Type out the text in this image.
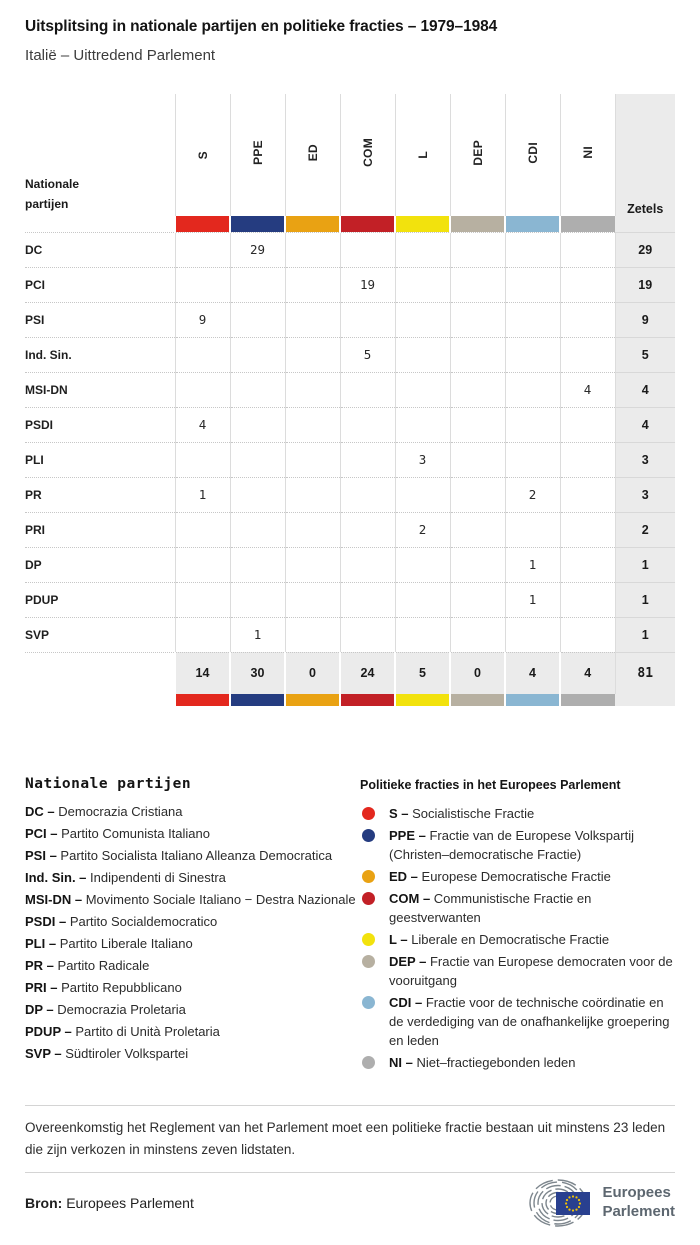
Uitsplitsing in nationale partijen en politieke fracties – 1979–1984
Italië – Uittredend Parlement
Nationale partijen	S	PPE	ED	COM	L	DEP	CDI	NI	Zetels

DC		29							29
PCI				19					19
PSI	9								9
Ind. Sin.				5					5
MSI-DN								4	4
PSDI	4								4
PLI					3				3
PR	1						2		3
PRI					2				2
DP							1		1
PDUP							1		1
SVP		1							1
	14	30	0	24	5	0	4	4	81

Nationale partijen
DC – Democrazia Cristiana
PCI – Partito Comunista Italiano
PSI – Partito Socialista Italiano Alleanza Democratica
Ind. Sin. – Indipendenti di Sinestra
MSI-DN – Movimento Sociale Italiano − Destra Nazionale
PSDI – Partito Socialdemocratico
PLI – Partito Liberale Italiano
PR – Partito Radicale
PRI – Partito Repubblicano
DP – Democrazia Proletaria
PDUP – Partito di Unità Proletaria
SVP – Südtiroler Volkspartei
Politieke fracties in het Europees Parlement
S – Socialistische Fractie
PPE – Fractie van de Europese Volkspartij (Christen–democratische Fractie)
ED – Europese Democratische Fractie
COM – Communistische Fractie en geestverwanten
L – Liberale en Democratische Fractie
DEP – Fractie van Europese democraten voor de vooruitgang
CDI – Fractie voor de technische coördinatie en de verdediging van de onafhankelijke groepering en leden
NI – Niet–fractiegebonden leden

Overeenkomstig het Reglement van het Parlement moet een politieke fractie bestaan uit minstens 23 leden die zijn verkozen in minstens zeven lidstaten.

Bron: Europees Parlement
Europees
Parlement
